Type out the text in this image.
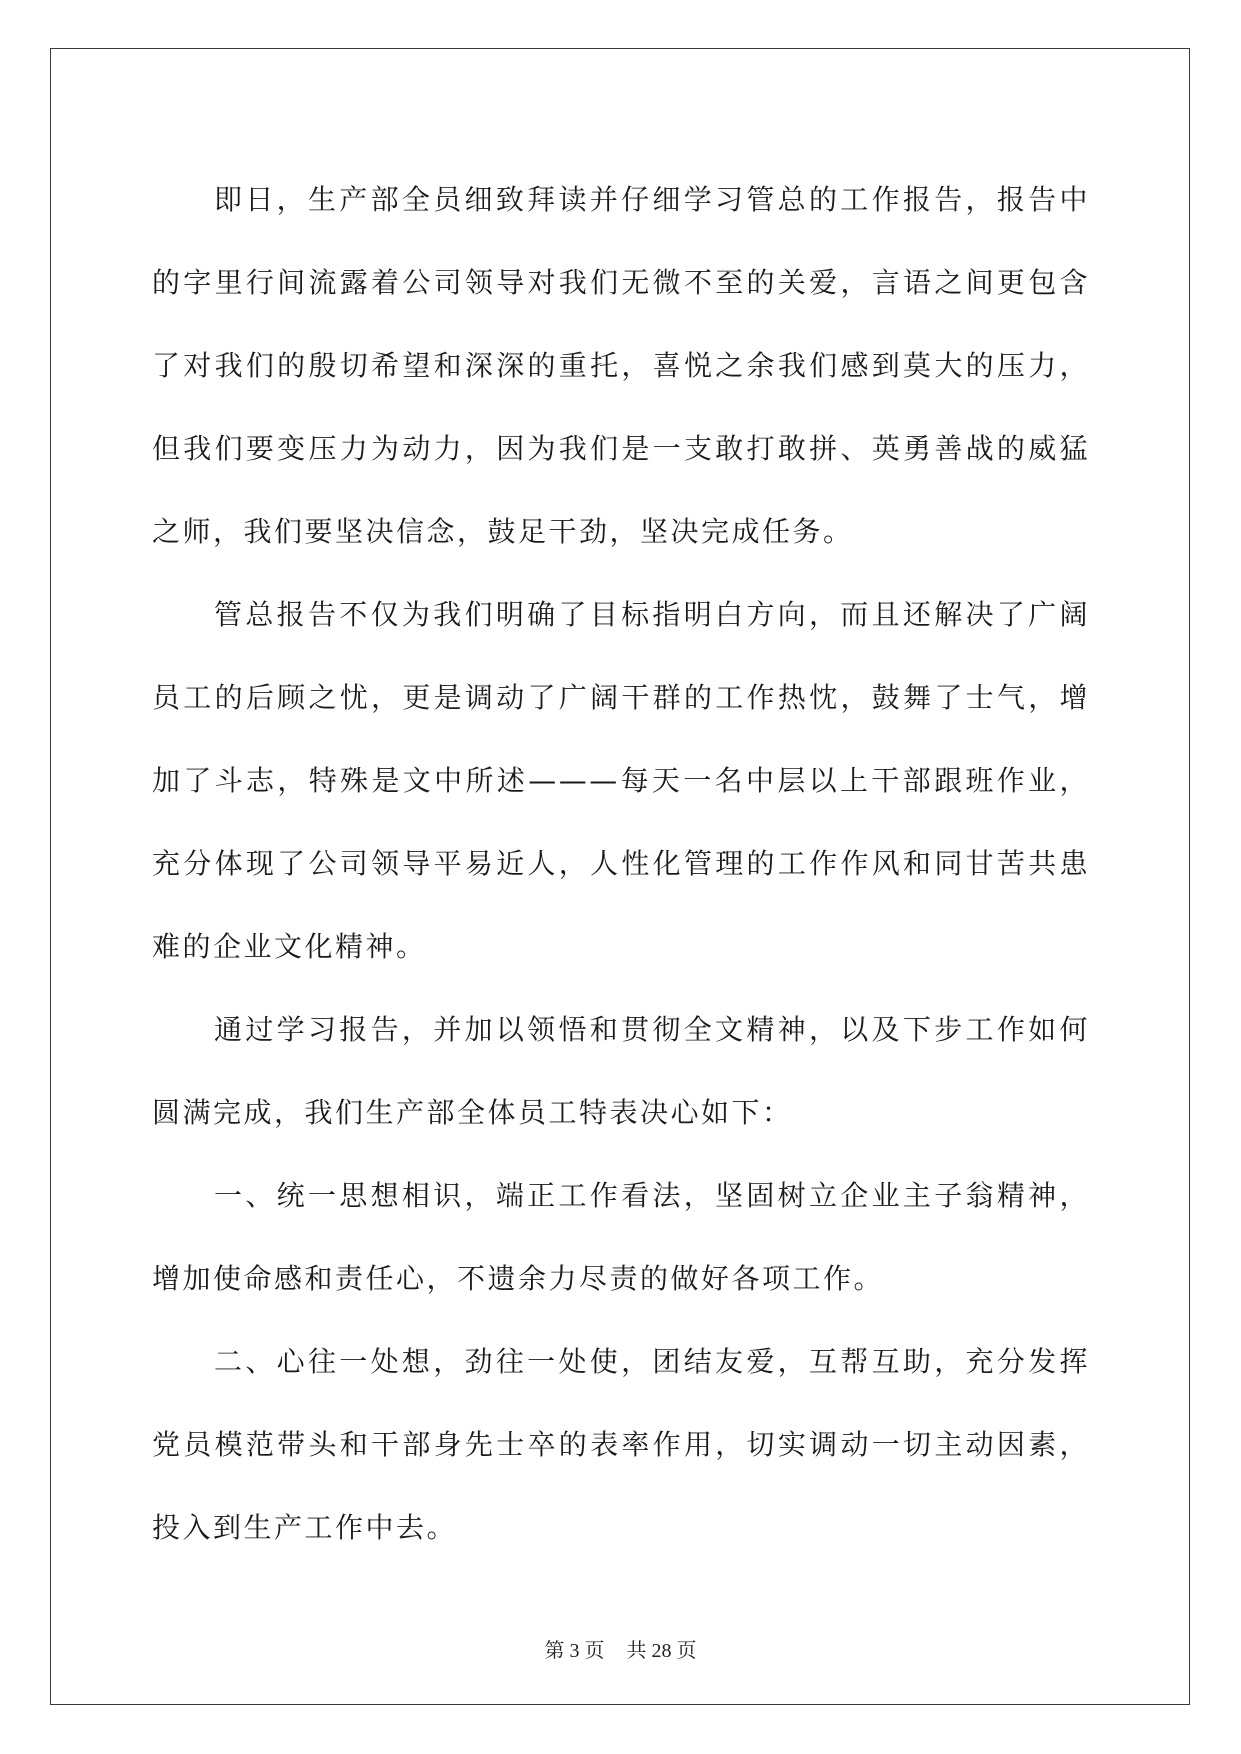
即日，生产部全员细致拜读并仔细学习管总的工作报告，报告中的字里行间流露着公司领导对我们无微不至的关爱，言语之间更包含了对我们的殷切希望和深深的重托，喜悦之余我们感到莫大的压力，但我们要变压力为动力，因为我们是一支敢打敢拼、英勇善战的威猛之师，我们要坚决信念，鼓足干劲，坚决完成任务。

管总报告不仅为我们明确了目标指明白方向，而且还解决了广阔员工的后顾之忧，更是调动了广阔干群的工作热忱，鼓舞了士气，增加了斗志，特殊是文中所述———每天一名中层以上干部跟班作业，充分体现了公司领导平易近人，人性化管理的工作作风和同甘苦共患难的企业文化精神。

通过学习报告，并加以领悟和贯彻全文精神，以及下步工作如何圆满完成，我们生产部全体员工特表决心如下：

一、统一思想相识，端正工作看法，坚固树立企业主子翁精神，增加使命感和责任心，不遗余力尽责的做好各项工作。

二、心往一处想，劲往一处使，团结友爱，互帮互助，充分发挥党员模范带头和干部身先士卒的表率作用，切实调动一切主动因素，投入到生产工作中去。

第 3 页 共 28 页
